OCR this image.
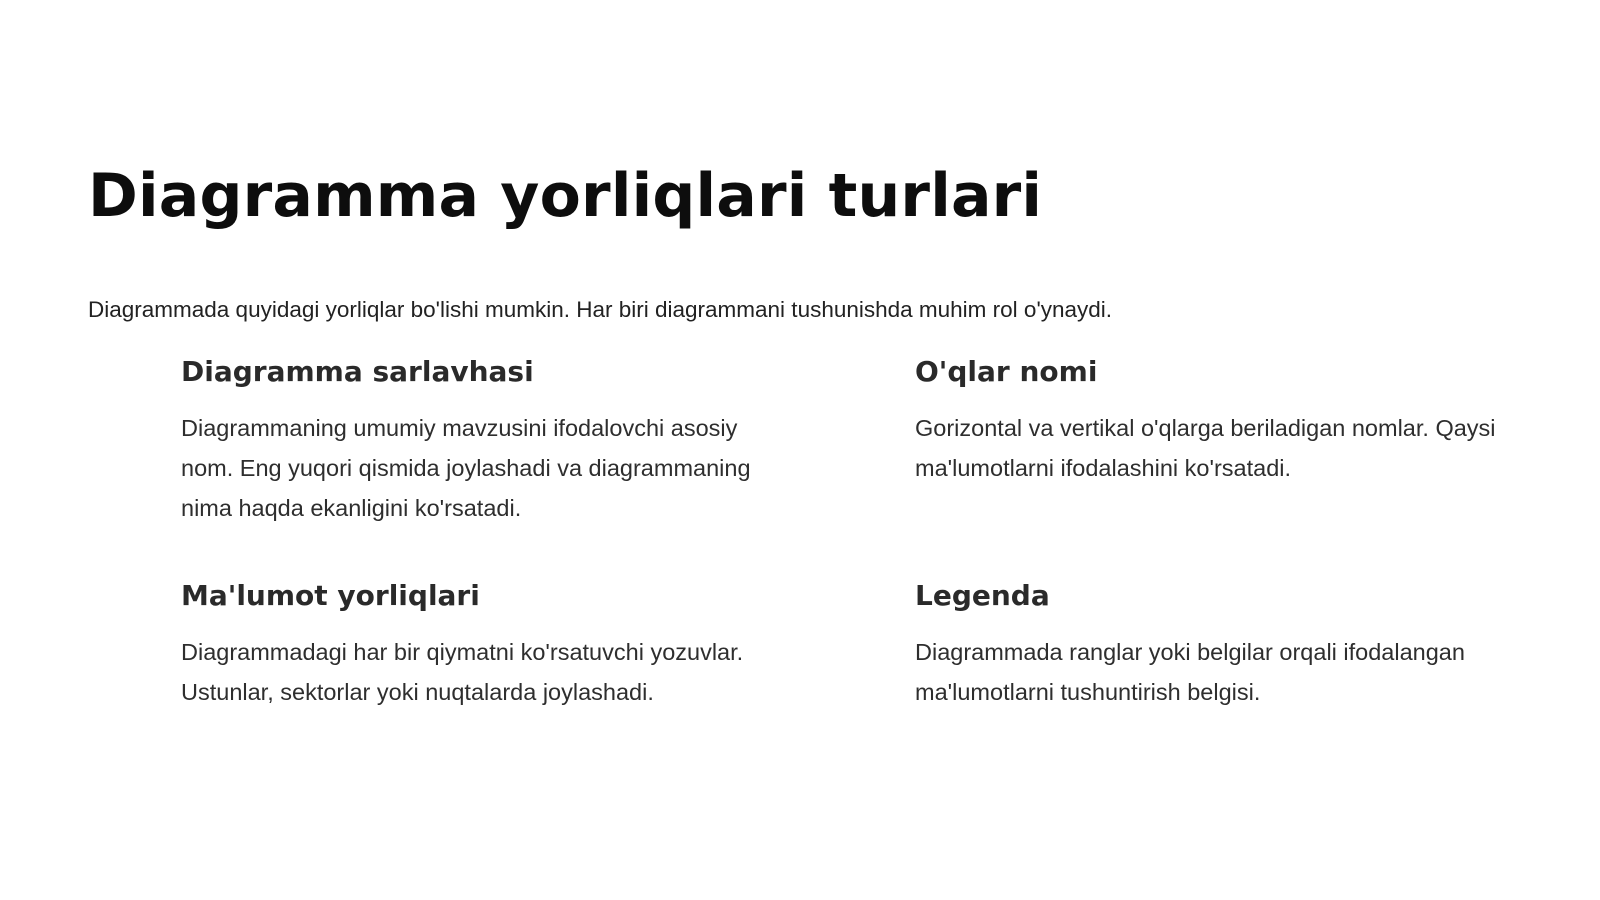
Diagramma yorliqlari turlari

Diagrammada quyidagi yorliqlar bo'lishi mumkin. Har biri diagrammani tushunishda muhim rol o'ynaydi.

Diagramma sarlavhasi

Diagrammaning umumiy mavzusini ifodalovchi asosiy nom. Eng yuqori qismida joylashadi va diagrammaning nima haqda ekanligini ko'rsatadi.

O'qlar nomi

Gorizontal va vertikal o'qlarga beriladigan nomlar. Qaysi ma'lumotlarni ifodalashini ko'rsatadi.

Ma'lumot yorliqlari

Diagrammadagi har bir qiymatni ko'rsatuvchi yozuvlar. Ustunlar, sektorlar yoki nuqtalarda joylashadi.

Legenda

Diagrammada ranglar yoki belgilar orqali ifodalangan ma'lumotlarni tushuntirish belgisi.
